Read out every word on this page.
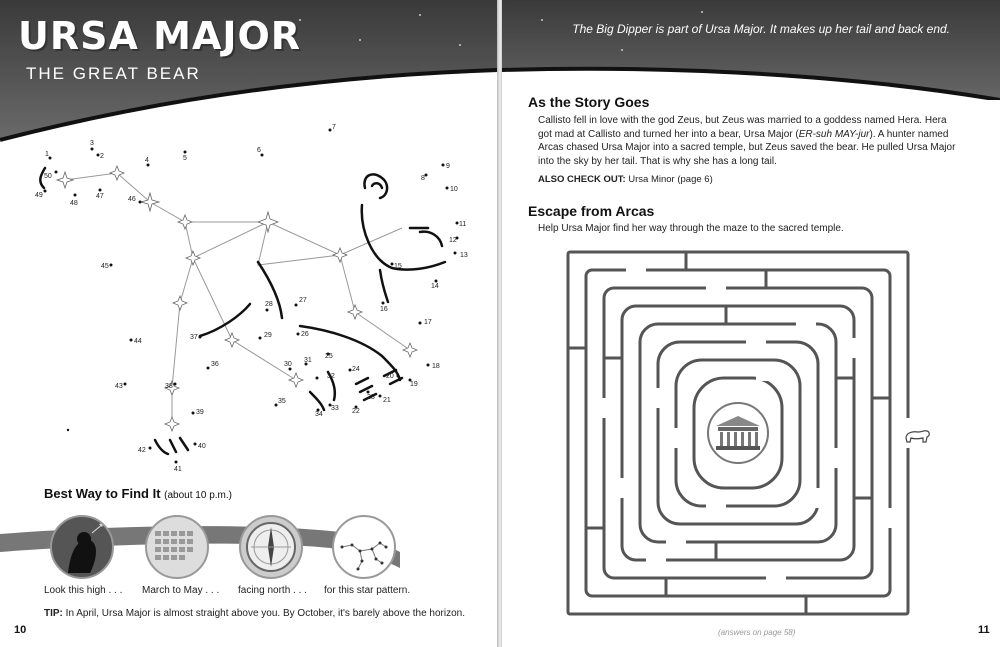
URSA MAJOR
THE GREAT BEAR
1	2
3
4	5
6
7
8
9
10
11
12
13
14
15
16
17
18
19
20
21
22
23
24
25
26
27
28
29
30
31
32
33
34
35
36
37
38
39
40
41
42
43
44
45
46
47
48
49
50
Best Way to Find It (about 10 p.m.)
Look this high . . . March to May . . . facing north . . . for this star pattern.
TIP: In April, Ursa Major is almost straight above you. By October, it's barely above the horizon.
10
The Big Dipper is part of Ursa Major. It makes up her tail and back end.
As the Story Goes
Callisto fell in love with the god Zeus, but Zeus was married to a goddess named Hera. Hera got mad at Callisto and turned her into a bear, Ursa Major (ER-suh MAY-jur). A hunter named Arcas chased Ursa Major into a sacred temple, but Zeus saved the bear. He pulled Ursa Major into the sky by her tail. That is why she has a long tail.
ALSO CHECK OUT: Ursa Minor (page 6)
Escape from Arcas
Help Ursa Major find her way through the maze to the sacred temple.
(answers on page 58)	11
